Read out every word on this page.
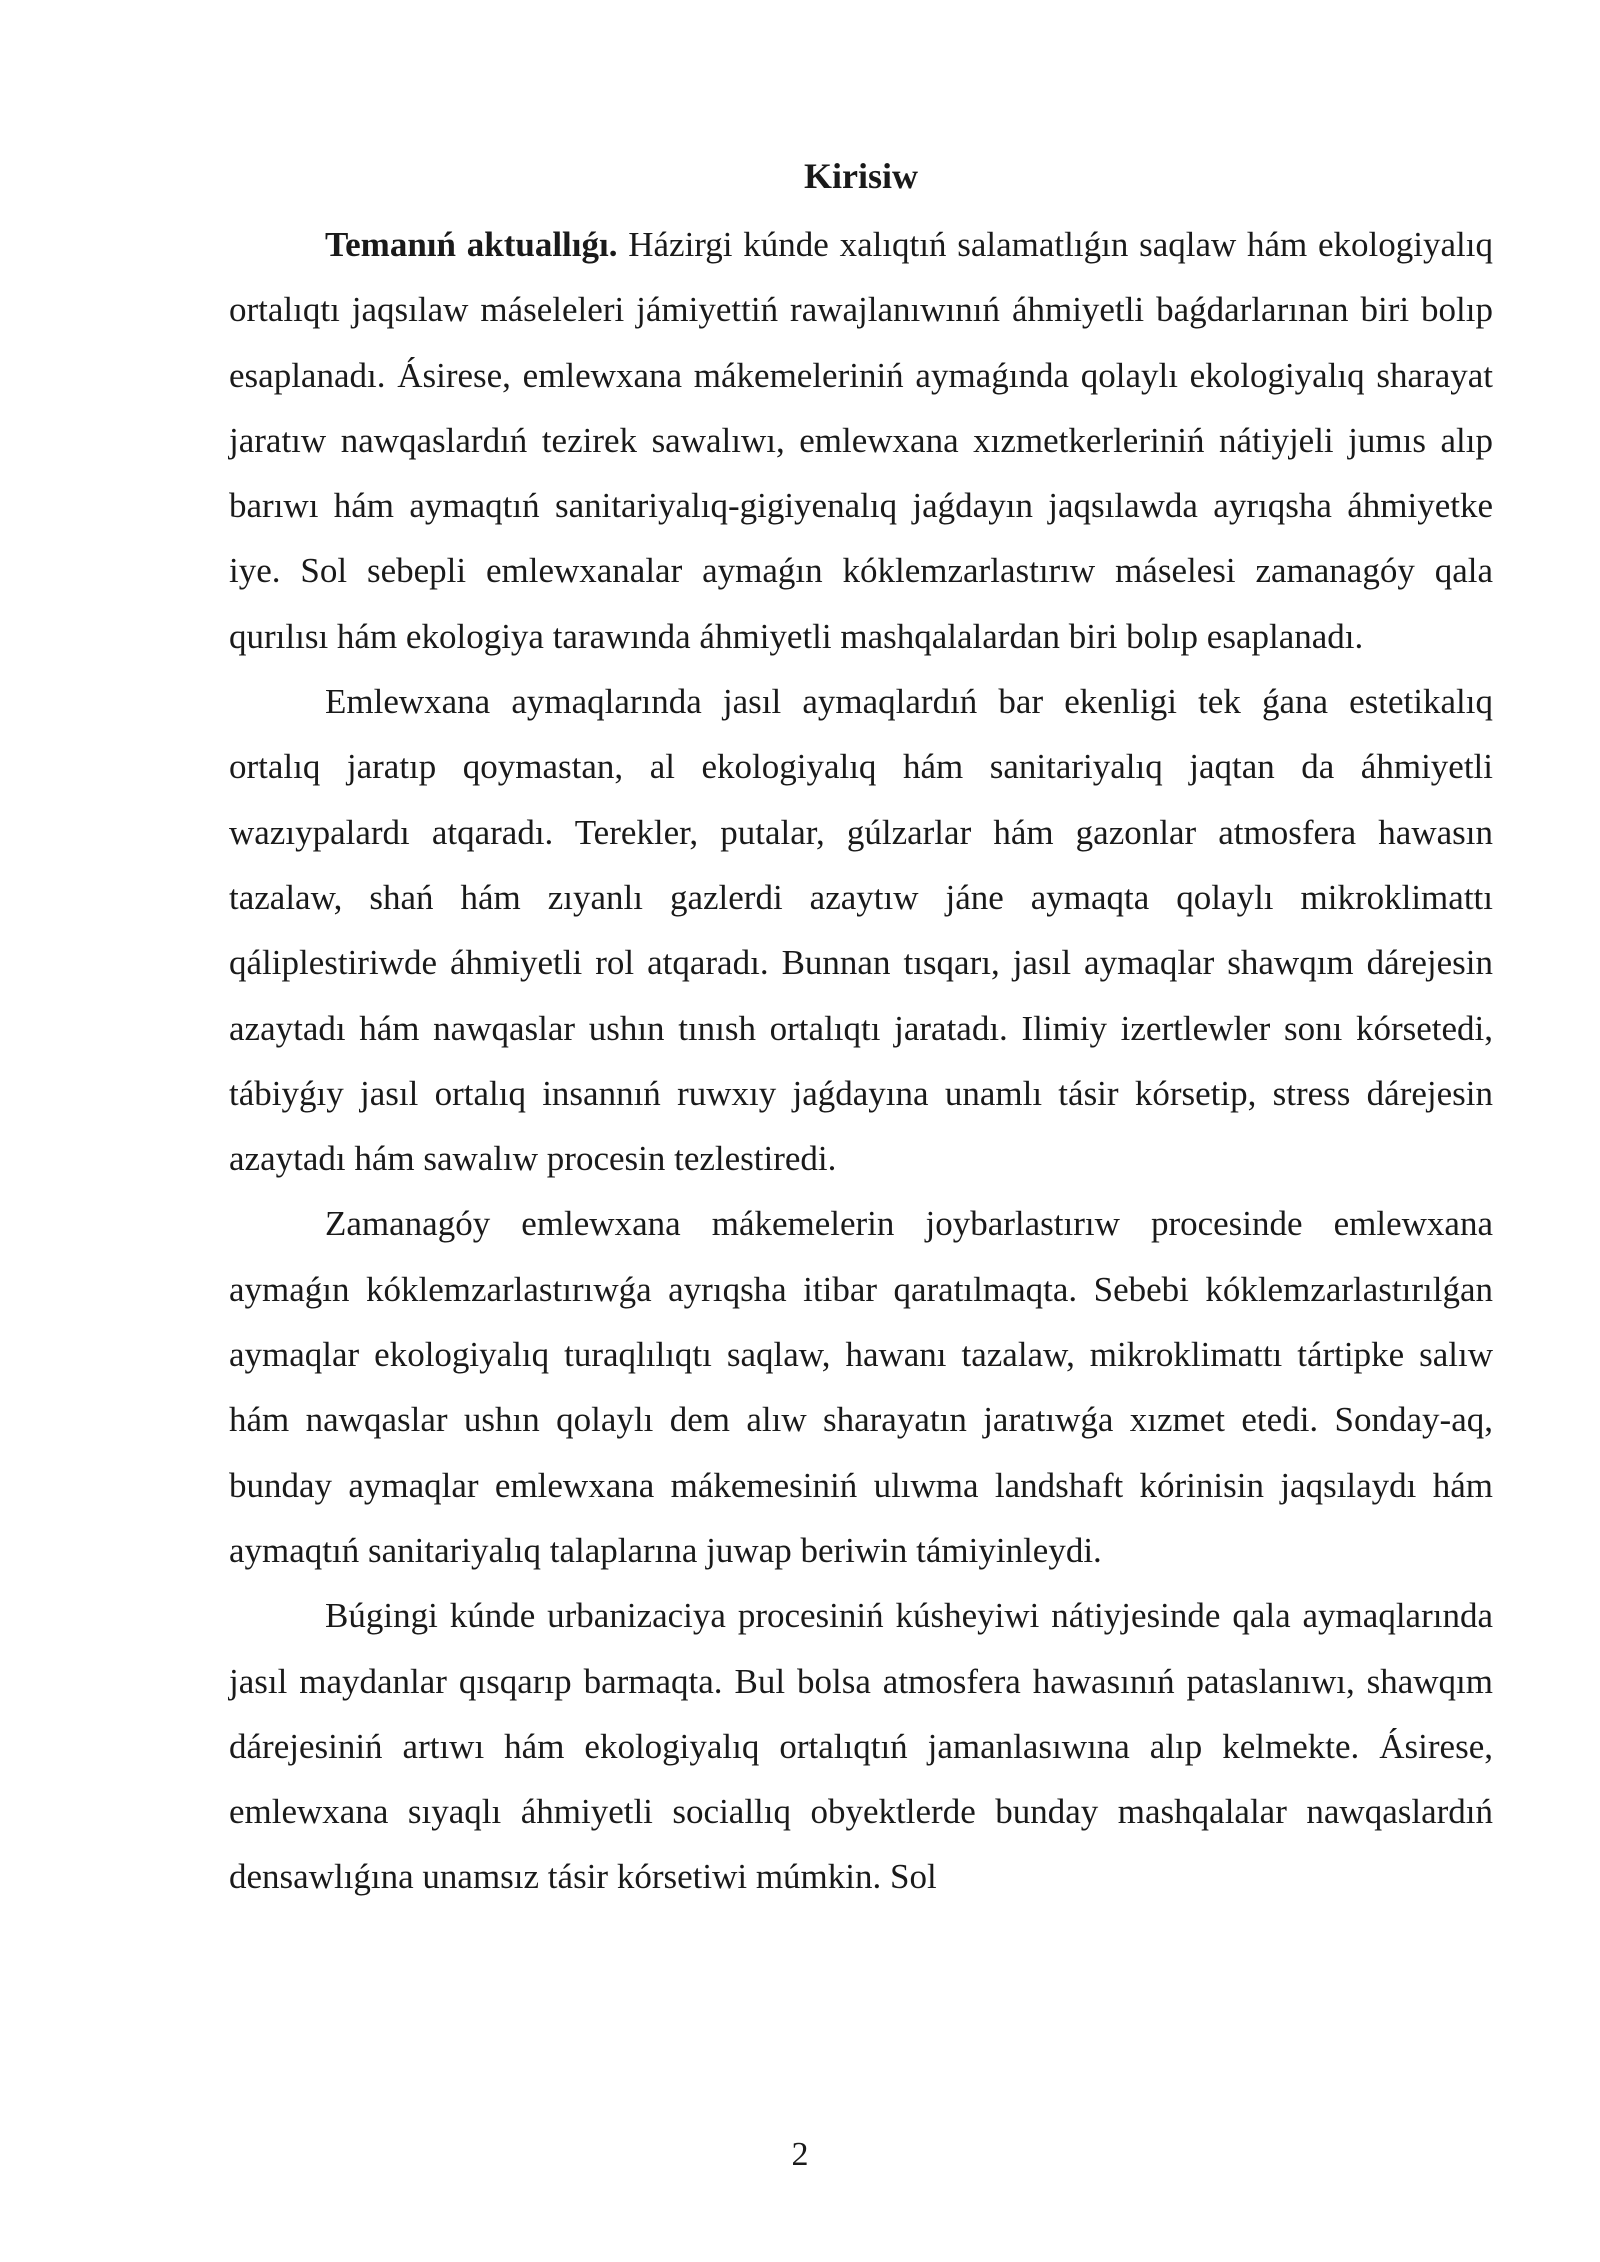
Kirisiw

Temanıń aktuallıǵı. Házirgi kúnde xalıqtıń salamatlıǵın saqlaw hám ekologiyalıq ortalıqtı jaqsılaw máseleleri jámiyettiń rawajlanıwınıń áhmiyetli baǵdarlarınan biri bolıp esaplanadı. Ásirese, emlewxana mákemeleriniń aymaǵında qolaylı ekologiyalıq sharayat jaratıw nawqaslardıń tezirek sawalıwı, emlewxana xızmetkerleriniń nátiyjeli jumıs alıp barıwı hám aymaqtıń sanitariyalıq-gigiyenalıq jaǵdayın jaqsılawda ayrıqsha áhmiyetke iye. Sol sebepli emlewxanalar aymaǵın kóklemzarlastırıw máselesi zamanagóy qala qurılısı hám ekologiya tarawında áhmiyetli mashqalalardan biri bolıp esaplanadı.

Emlewxana aymaqlarında jasıl aymaqlardıń bar ekenligi tek ǵana estetikalıq ortalıq jaratıp qoymastan, al ekologiyalıq hám sanitariyalıq jaqtan da áhmiyetli wazıypalardı atqaradı. Terekler, putalar, gúlzarlar hám gazonlar atmosfera hawasın tazalaw, shań hám zıyanlı gazlerdi azaytıw jáne aymaqta qolaylı mikroklimattı qáliplestiriwde áhmiyetli rol atqaradı. Bunnan tısqarı, jasıl aymaqlar shawqım dárejesin azaytadı hám nawqaslar ushın tınısh ortalıqtı jaratadı. Ilimiy izertlewler sonı kórsetedi, tábiyǵıy jasıl ortalıq insannıń ruwxıy jaǵdayına unamlı tásir kórsetip, stress dárejesin azaytadı hám sawalıw procesin tezlestiredi.

Zamanagóy emlewxana mákemelerin joybarlastırıw procesinde emlewxana aymaǵın kóklemzarlastırıwǵa ayrıqsha itibar qaratılmaqta. Sebebi kóklemzarlastırılǵan aymaqlar ekologiyalıq turaqlılıqtı saqlaw, hawanı tazalaw, mikroklimattı tártipke salıw hám nawqaslar ushın qolaylı dem alıw sharayatın jaratıwǵa xızmet etedi. Sonday-aq, bunday aymaqlar emlewxana mákemesiniń ulıwma landshaft kórinisin jaqsılaydı hám aymaqtıń sanitariyalıq talaplarına juwap beriwin támiyinleydi.

Búgingi kúnde urbanizaciya procesiniń kúsheyiwi nátiyjesinde qala aymaqlarında jasıl maydanlar qısqarıp barmaqta. Bul bolsa atmosfera hawasınıń pataslanıwı, shawqım dárejesiniń artıwı hám ekologiyalıq ortalıqtıń jamanlasıwına alıp kelmekte. Ásirese, emlewxana sıyaqlı áhmiyetli sociallıq obyektlerde bunday mashqalalar nawqaslardıń densawlıǵına unamsız tásir kórsetiwi múmkin. Sol

2
